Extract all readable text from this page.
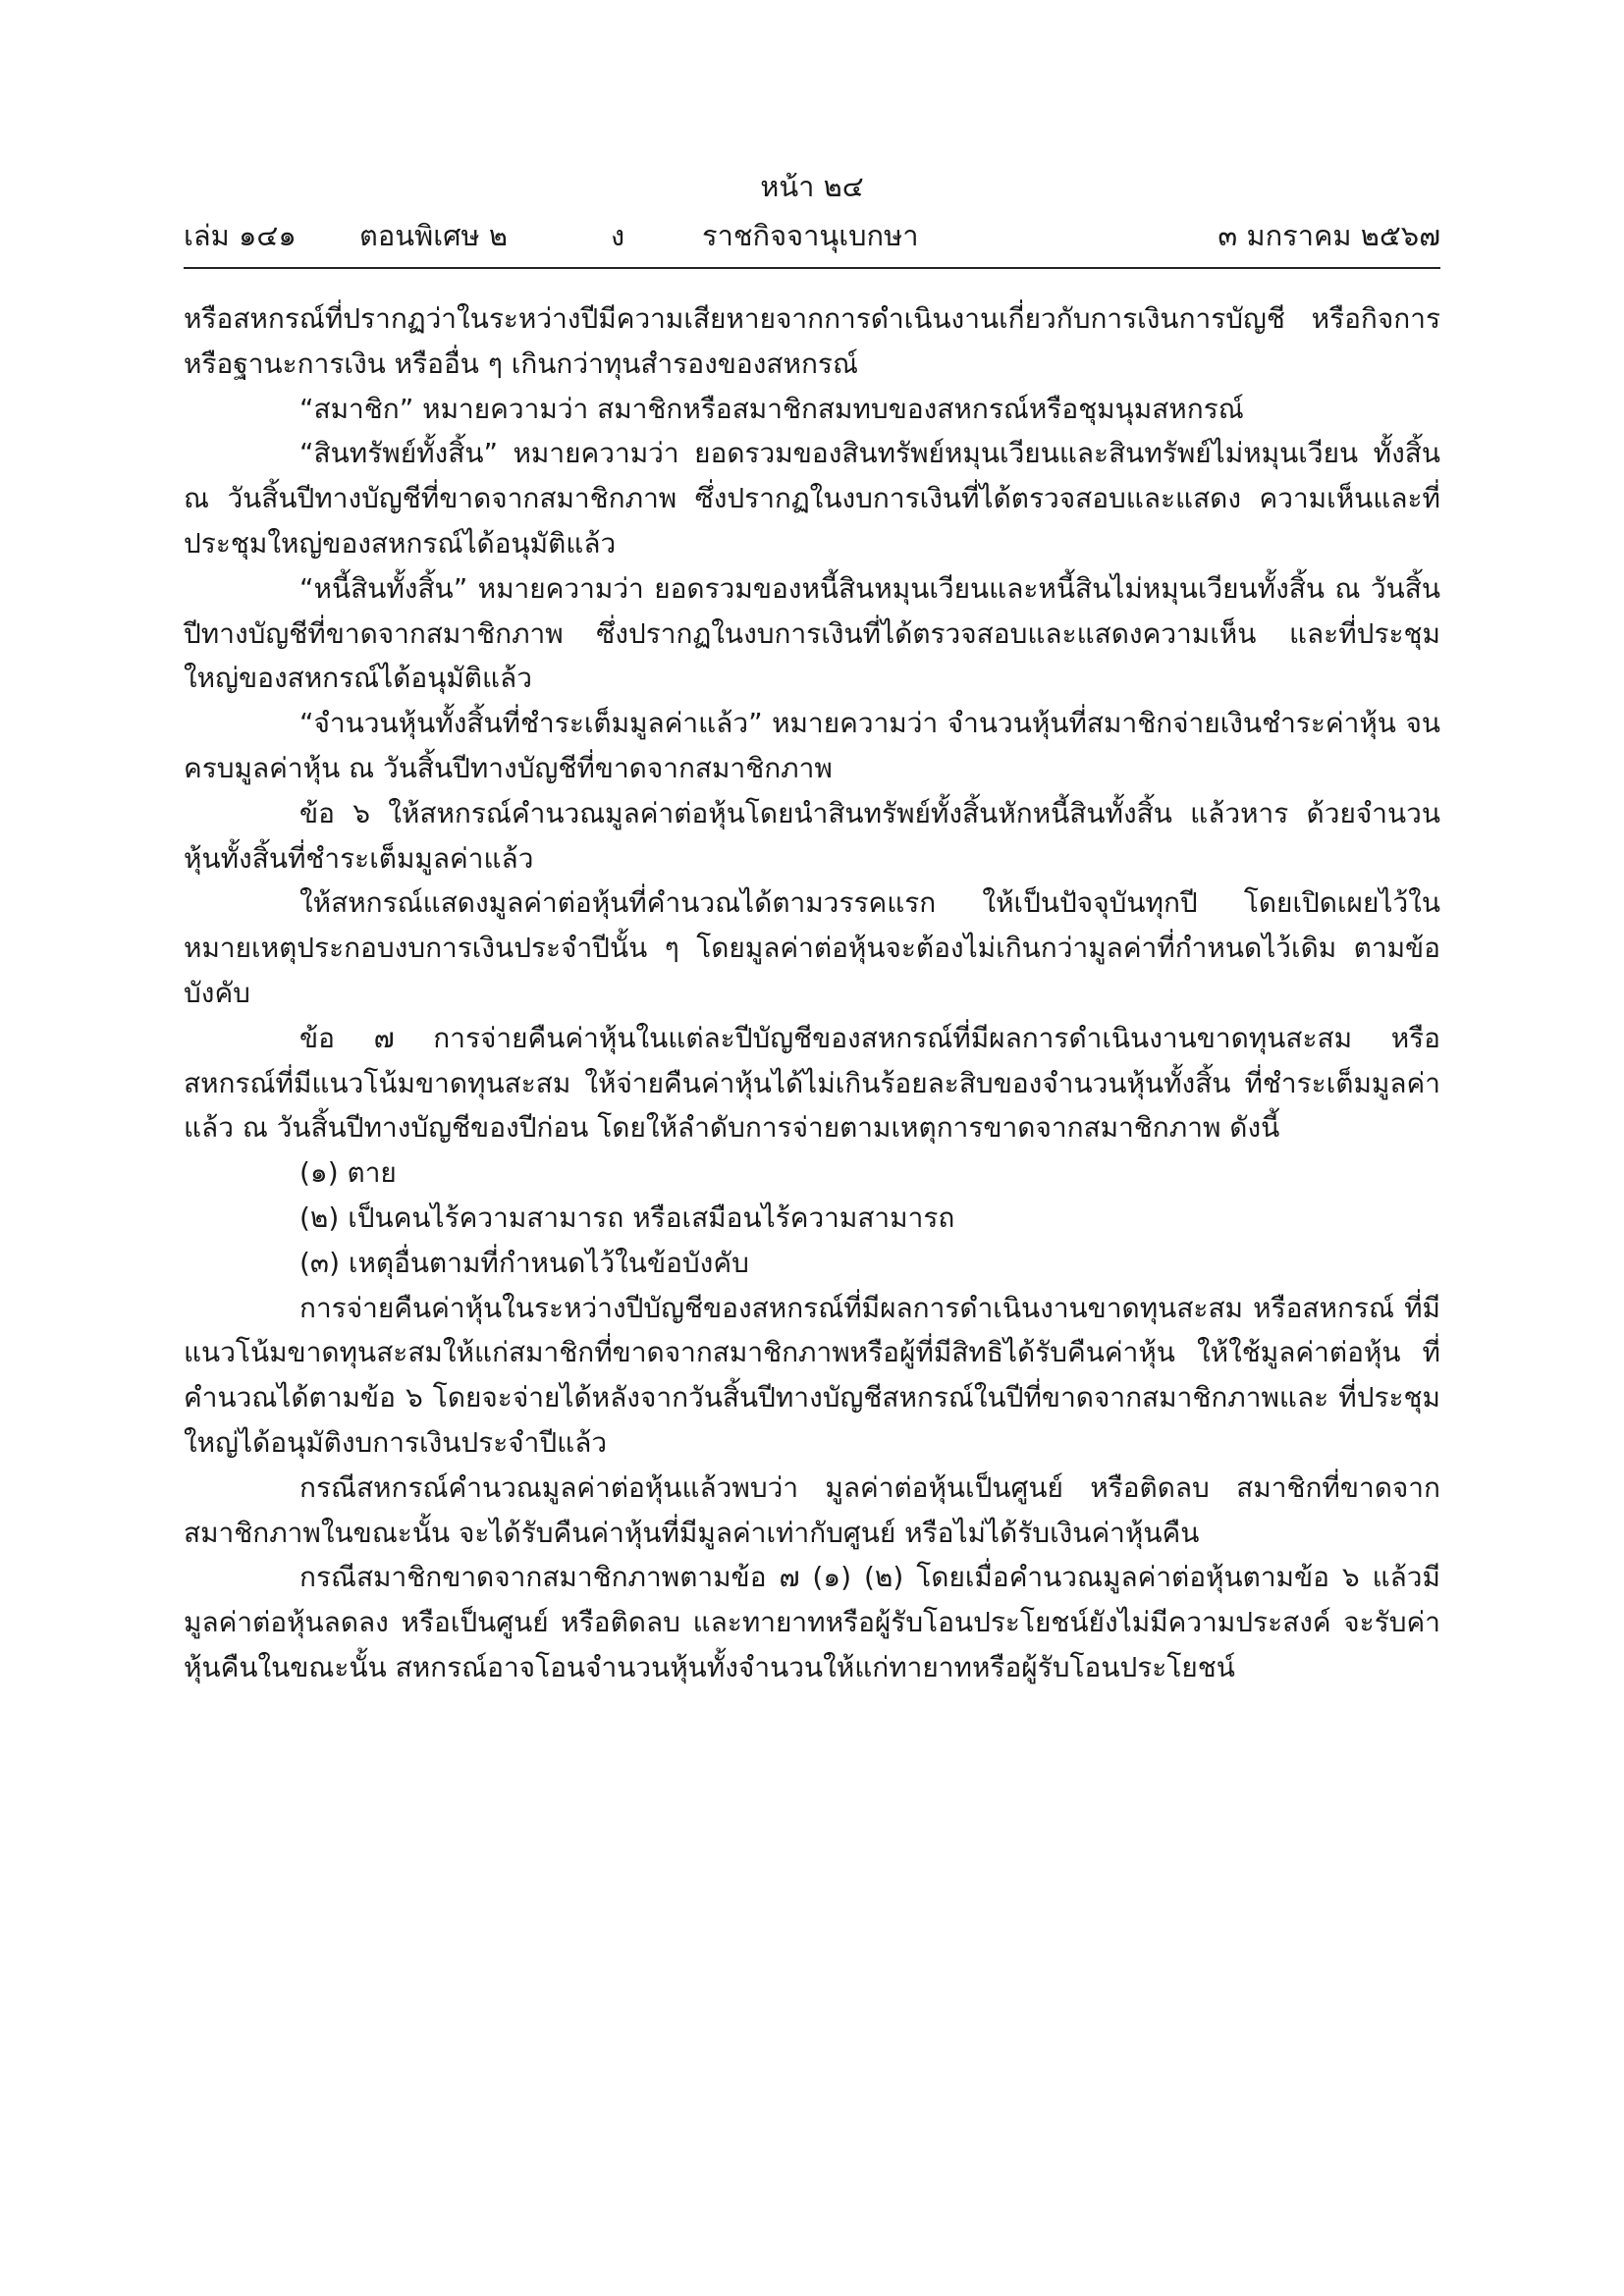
หน้า ๒๔
เล่ม ๑๔๑ ตอนพิเศษ ๒	ง	ราชกิจจานุเบกษา	๓ มกราคม ๒๕๖๗

หรือสหกรณ์ที่ปรากฏว่าในระหว่างปีมีความเสียหายจากการดำเนินงานเกี่ยวกับการเงินการบัญชี หรือกิจการ หรือฐานะการเงิน หรืออื่น ๆ เกินกว่าทุนสำรองของสหกรณ์

“สมาชิก” หมายความว่า สมาชิกหรือสมาชิกสมทบของสหกรณ์หรือชุมนุมสหกรณ์

“สินทรัพย์ทั้งสิ้น” หมายความว่า ยอดรวมของสินทรัพย์หมุนเวียนและสินทรัพย์ไม่หมุนเวียน ทั้งสิ้น ณ วันสิ้นปีทางบัญชีที่ขาดจากสมาชิกภาพ ซึ่งปรากฏในงบการเงินที่ได้ตรวจสอบและแสดง ความเห็นและที่ประชุมใหญ่ของสหกรณ์ได้อนุมัติแล้ว

“หนี้สินทั้งสิ้น” หมายความว่า ยอดรวมของหนี้สินหมุนเวียนและหนี้สินไม่หมุนเวียนทั้งสิ้น ณ วันสิ้นปีทางบัญชีที่ขาดจากสมาชิกภาพ ซึ่งปรากฏในงบการเงินที่ได้ตรวจสอบและแสดงความเห็น และที่ประชุมใหญ่ของสหกรณ์ได้อนุมัติแล้ว

“จำนวนหุ้นทั้งสิ้นที่ชำระเต็มมูลค่าแล้ว” หมายความว่า จำนวนหุ้นที่สมาชิกจ่ายเงินชำระค่าหุ้น จนครบมูลค่าหุ้น ณ วันสิ้นปีทางบัญชีที่ขาดจากสมาชิกภาพ

ข้อ ๖ ให้สหกรณ์คำนวณมูลค่าต่อหุ้นโดยนำสินทรัพย์ทั้งสิ้นหักหนี้สินทั้งสิ้น แล้วหาร ด้วยจำนวนหุ้นทั้งสิ้นที่ชำระเต็มมูลค่าแล้ว

ให้สหกรณ์แสดงมูลค่าต่อหุ้นที่คำนวณได้ตามวรรคแรก ให้เป็นปัจจุบันทุกปี โดยเปิดเผยไว้ใน หมายเหตุประกอบงบการเงินประจำปีนั้น ๆ โดยมูลค่าต่อหุ้นจะต้องไม่เกินกว่ามูลค่าที่กำหนดไว้เดิม ตามข้อบังคับ

ข้อ ๗ การจ่ายคืนค่าหุ้นในแต่ละปีบัญชีของสหกรณ์ที่มีผลการดำเนินงานขาดทุนสะสม หรือสหกรณ์ที่มีแนวโน้มขาดทุนสะสม ให้จ่ายคืนค่าหุ้นได้ไม่เกินร้อยละสิบของจำนวนหุ้นทั้งสิ้น ที่ชำระเต็มมูลค่าแล้ว ณ วันสิ้นปีทางบัญชีของปีก่อน โดยให้ลำดับการจ่ายตามเหตุการขาดจากสมาชิกภาพ ดังนี้

(๑) ตาย

(๒) เป็นคนไร้ความสามารถ หรือเสมือนไร้ความสามารถ

(๓) เหตุอื่นตามที่กำหนดไว้ในข้อบังคับ

การจ่ายคืนค่าหุ้นในระหว่างปีบัญชีของสหกรณ์ที่มีผลการดำเนินงานขาดทุนสะสม หรือสหกรณ์ ที่มีแนวโน้มขาดทุนสะสมให้แก่สมาชิกที่ขาดจากสมาชิกภาพหรือผู้ที่มีสิทธิได้รับคืนค่าหุ้น ให้ใช้มูลค่าต่อหุ้น ที่คำนวณได้ตามข้อ ๖ โดยจะจ่ายได้หลังจากวันสิ้นปีทางบัญชีสหกรณ์ในปีที่ขาดจากสมาชิกภาพและ ที่ประชุมใหญ่ได้อนุมัติงบการเงินประจำปีแล้ว

กรณีสหกรณ์คำนวณมูลค่าต่อหุ้นแล้วพบว่า มูลค่าต่อหุ้นเป็นศูนย์ หรือติดลบ สมาชิกที่ขาดจาก สมาชิกภาพในขณะนั้น จะได้รับคืนค่าหุ้นที่มีมูลค่าเท่ากับศูนย์ หรือไม่ได้รับเงินค่าหุ้นคืน

กรณีสมาชิกขาดจากสมาชิกภาพตามข้อ ๗ (๑) (๒) โดยเมื่อคำนวณมูลค่าต่อหุ้นตามข้อ ๖ แล้วมีมูลค่าต่อหุ้นลดลง หรือเป็นศูนย์ หรือติดลบ และทายาทหรือผู้รับโอนประโยชน์ยังไม่มีความประสงค์ จะรับค่าหุ้นคืนในขณะนั้น สหกรณ์อาจโอนจำนวนหุ้นทั้งจำนวนให้แก่ทายาทหรือผู้รับโอนประโยชน์
